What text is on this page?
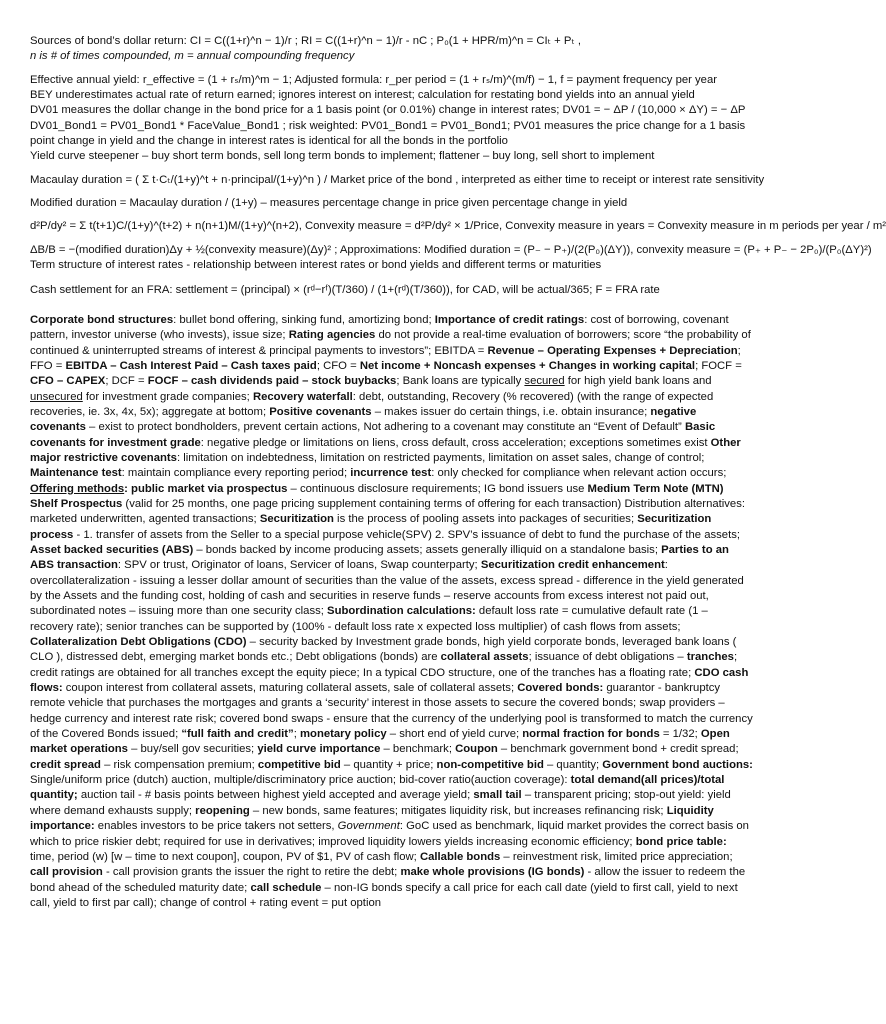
Sources of bond’s dollar return: CI = C((1+r)^n − 1)/r ; RI = C((1+r)^n − 1)/r - nC ; P₀(1 + HPR/m)^n = CIₜ + Pₜ ,
n is # of times compounded, m = annual compounding frequency
Effective annual yield: r_effective = (1 + rₛ/m)^m − 1; Adjusted formula: r_per period = (1 + rₛ/m)^(m/f) − 1, f = payment frequency per year
BEY underestimates actual rate of return earned; ignores interest on interest; calculation for restating bond yields into an annual yield
DV01 measures the dollar change in the bond price for a 1 basis point (or 0.01%) change in interest rates; DV01 = − ΔP / (10,000 × ΔY) = − ΔP
DV01_Bond1 = PV01_Bond1 * FaceValue_Bond1 ; risk weighted: PV01_Bond1 = PV01_Bond1; PV01 measures the price change for a 1 basis
point change in yield and the change in interest rates is identical for all the bonds in the portfolio
Yield curve steepener – buy short term bonds, sell long term bonds to implement; flattener – buy long, sell short to implement
Macaulay duration = ( Σ t·Cₜ/(1+y)^t + n·principal/(1+y)^n ) / Market price of the bond , interpreted as either time to receipt or interest rate sensitivity
Modified duration = Macaulay duration / (1+y) – measures percentage change in price given percentage change in yield
d²P/dy² = Σ t(t+1)C/(1+y)^(t+2) + n(n+1)M/(1+y)^(n+2), Convexity measure = d²P/dy² × 1/Price, Convexity measure in years = Convexity measure in m periods per year / m²
ΔB/B = −(modified duration)Δy + ½(convexity measure)(Δy)² ; Approximations: Modified duration = (P₋ − P₊)/(2(P₀)(ΔY)), convexity measure = (P₊ + P₋ − 2P₀)/(P₀(ΔY)²)
Term structure of interest rates - relationship between interest rates or bond yields and different terms or maturities
Cash settlement for an FRA: settlement = (principal) × (rᵈ−rᶠ)(T/360) / (1+(rᵈ)(T/360)), for CAD, will be actual/365; F = FRA rate
Corporate bond structures: bullet bond offering, sinking fund, amortizing bond; Importance of credit ratings: cost of borrowing, covenant pattern, investor universe (who invests), issue size; Rating agencies do not provide a real-time evaluation of borrowers; score “the probability of continued & uninterrupted streams of interest & principal payments to investors”; EBITDA = Revenue – Operating Expenses + Depreciation; FFO = EBITDA – Cash Interest Paid – Cash taxes paid; CFO = Net income + Noncash expenses + Changes in working capital; FOCF = CFO – CAPEX; DCF = FOCF – cash dividends paid – stock buybacks; Bank loans are typically secured for high yield bank loans and unsecured for investment grade companies; Recovery waterfall: debt, outstanding, Recovery (% recovered) (with the range of expected recoveries, ie. 3x, 4x, 5x); aggregate at bottom; Positive covenants – makes issuer do certain things, i.e. obtain insurance; negative covenants – exist to protect bondholders, prevent certain actions, Not adhering to a covenant may constitute an “Event of Default” Basic covenants for investment grade: negative pledge or limitations on liens, cross default, cross acceleration; exceptions sometimes exist Other major restrictive covenants: limitation on indebtedness, limitation on restricted payments, limitation on asset sales, change of control; Maintenance test: maintain compliance every reporting period; incurrence test: only checked for compliance when relevant action occurs; Offering methods: public market via prospectus – continuous disclosure requirements; IG bond issuers use Medium Term Note (MTN) Shelf Prospectus (valid for 25 months, one page pricing supplement containing terms of offering for each transaction) Distribution alternatives: marketed underwritten, agented transactions; Securitization is the process of pooling assets into packages of securities; Securitization process - 1. transfer of assets from the Seller to a special purpose vehicle(SPV) 2. SPV’s issuance of debt to fund the purchase of the assets; Asset backed securities (ABS) – bonds backed by income producing assets; assets generally illiquid on a standalone basis; Parties to an ABS transaction: SPV or trust, Originator of loans, Servicer of loans, Swap counterparty; Securitization credit enhancement: overcollateralization - issuing a lesser dollar amount of securities than the value of the assets, excess spread - difference in the yield generated by the Assets and the funding cost, holding of cash and securities in reserve funds – reserve accounts from excess interest not paid out, subordinated notes – issuing more than one security class; Subordination calculations: default loss rate = cumulative default rate (1 – recovery rate); senior tranches can be supported by (100% - default loss rate x expected loss multiplier) of cash flows from assets; Collateralization Debt Obligations (CDO) – security backed by Investment grade bonds, high yield corporate bonds, leveraged bank loans ( CLO ), distressed debt, emerging market bonds etc.; Debt obligations (bonds) are collateral assets; issuance of debt obligations – tranches; credit ratings are obtained for all tranches except the equity piece; In a typical CDO structure, one of the tranches has a floating rate; CDO cash flows: coupon interest from collateral assets, maturing collateral assets, sale of collateral assets; Covered bonds: guarantor - bankruptcy remote vehicle that purchases the mortgages and grants a ‘security’ interest in those assets to secure the covered bonds; swap providers – hedge currency and interest rate risk; covered bond swaps - ensure that the currency of the underlying pool is transformed to match the currency of the Covered Bonds issued; “full faith and credit”; monetary policy – short end of yield curve; normal fraction for bonds = 1/32; Open market operations – buy/sell gov securities; yield curve importance – benchmark; Coupon – benchmark government bond + credit spread; credit spread – risk compensation premium; competitive bid – quantity + price; non-competitive bid – quantity; Government bond auctions: Single/uniform price (dutch) auction, multiple/discriminatory price auction; bid-cover ratio(auction coverage): total demand(all prices)/total quantity; auction tail - # basis points between highest yield accepted and average yield; small tail – transparent pricing; stop-out yield: yield where demand exhausts supply; reopening – new bonds, same features; mitigates liquidity risk, but increases refinancing risk; Liquidity importance: enables investors to be price takers not setters, Government: GoC used as benchmark, liquid market provides the correct basis on which to price riskier debt; required for use in derivatives; improved liquidity lowers yields increasing economic efficiency; bond price table: time, period (w) [w – time to next coupon], coupon, PV of $1, PV of cash flow; Callable bonds – reinvestment risk, limited price appreciation; call provision - call provision grants the issuer the right to retire the debt; make whole provisions (IG bonds) - allow the issuer to redeem the bond ahead of the scheduled maturity date; call schedule – non-IG bonds specify a call price for each call date (yield to first call, yield to next call, yield to first par call); change of control + rating event = put option
